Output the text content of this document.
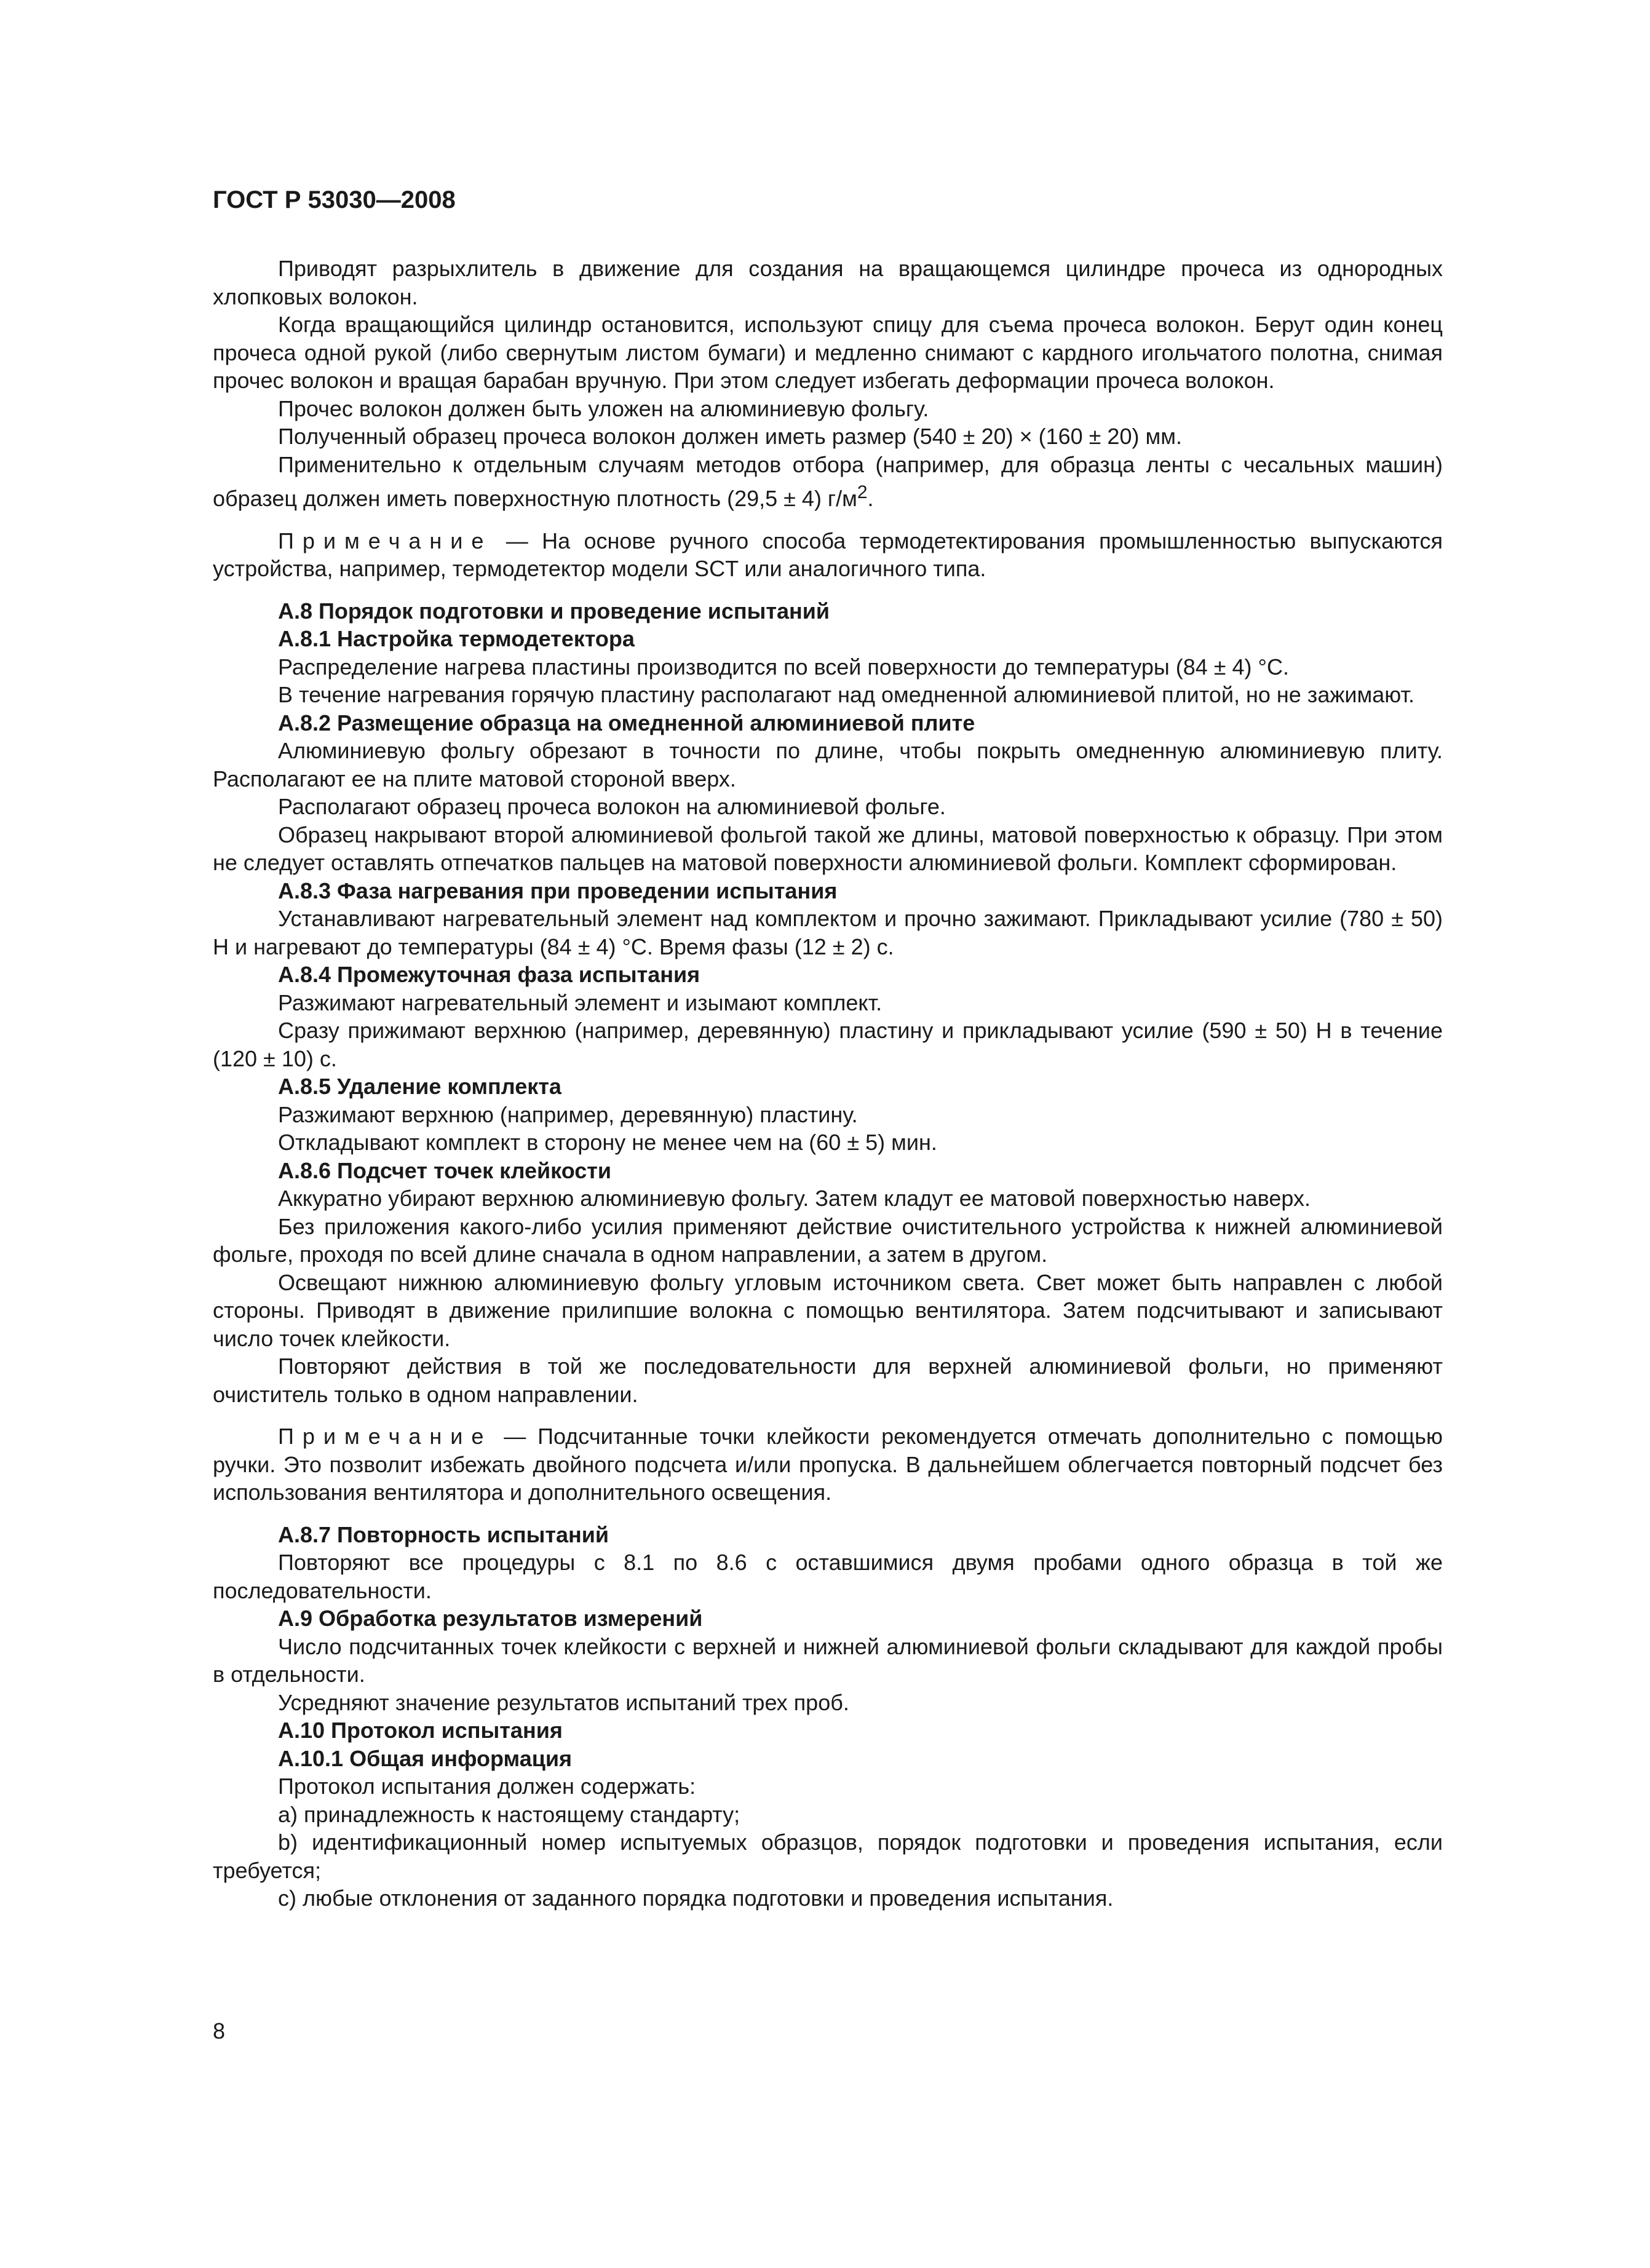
ГОСТ Р 53030—2008

Приводят разрыхлитель в движение для создания на вращающемся цилиндре прочеса из однородных хлопковых волокон.

Когда вращающийся цилиндр остановится, используют спицу для съема прочеса волокон. Берут один конец прочеса одной рукой (либо свернутым листом бумаги) и медленно снимают с кардного игольчатого полотна, снимая прочес волокон и вращая барабан вручную. При этом следует избегать деформации прочеса волокон.

Прочес волокон должен быть уложен на алюминиевую фольгу.

Полученный образец прочеса волокон должен иметь размер (540 ± 20) × (160 ± 20) мм.

Применительно к отдельным случаям методов отбора (например, для образца ленты с чесальных машин) образец должен иметь поверхностную плотность (29,5 ± 4) $г/м^2$.

Примечание — На основе ручного способа термодетектирования промышленностью выпускаются устройства, например, термодетектор модели SCT или аналогичного типа.

А.8 Порядок подготовки и проведение испытаний
А.8.1 Настройка термодетектора

Распределение нагрева пластины производится по всей поверхности до температуры (84 ± 4) °С.

В течение нагревания горячую пластину располагают над омедненной алюминиевой плитой, но не зажимают.

А.8.2 Размещение образца на омедненной алюминиевой плите

Алюминиевую фольгу обрезают в точности по длине, чтобы покрыть омедненную алюминиевую плиту. Располагают ее на плите матовой стороной вверх.

Располагают образец прочеса волокон на алюминиевой фольге.

Образец накрывают второй алюминиевой фольгой такой же длины, матовой поверхностью к образцу. При этом не следует оставлять отпечатков пальцев на матовой поверхности алюминиевой фольги. Комплект сформирован.

А.8.3 Фаза нагревания при проведении испытания

Устанавливают нагревательный элемент над комплектом и прочно зажимают. Прикладывают усилие (780 ± 50) Н и нагревают до температуры (84 ± 4) °С. Время фазы (12 ± 2) с.

А.8.4 Промежуточная фаза испытания

Разжимают нагревательный элемент и изымают комплект.

Сразу прижимают верхнюю (например, деревянную) пластину и прикладывают усилие (590 ± 50) Н в течение (120 ± 10) с.

А.8.5 Удаление комплекта

Разжимают верхнюю (например, деревянную) пластину.

Откладывают комплект в сторону не менее чем на (60 ± 5) мин.

А.8.6 Подсчет точек клейкости

Аккуратно убирают верхнюю алюминиевую фольгу. Затем кладут ее матовой поверхностью наверх.

Без приложения какого-либо усилия применяют действие очистительного устройства к нижней алюминиевой фольге, проходя по всей длине сначала в одном направлении, а затем в другом.

Освещают нижнюю алюминиевую фольгу угловым источником света. Свет может быть направлен с любой стороны. Приводят в движение прилипшие волокна с помощью вентилятора. Затем подсчитывают и записывают число точек клейкости.

Повторяют действия в той же последовательности для верхней алюминиевой фольги, но применяют очиститель только в одном направлении.

Примечание — Подсчитанные точки клейкости рекомендуется отмечать дополнительно с помощью ручки. Это позволит избежать двойного подсчета и/или пропуска. В дальнейшем облегчается повторный подсчет без использования вентилятора и дополнительного освещения.

А.8.7 Повторность испытаний

Повторяют все процедуры с 8.1 по 8.6 с оставшимися двумя пробами одного образца в той же последовательности.

А.9 Обработка результатов измерений

Число подсчитанных точек клейкости с верхней и нижней алюминиевой фольги складывают для каждой пробы в отдельности.

Усредняют значение результатов испытаний трех проб.

А.10 Протокол испытания
А.10.1 Общая информация

Протокол испытания должен содержать:

a) принадлежность к настоящему стандарту;

b) идентификационный номер испытуемых образцов, порядок подготовки и проведения испытания, если требуется;

c) любые отклонения от заданного порядка подготовки и проведения испытания.

8
